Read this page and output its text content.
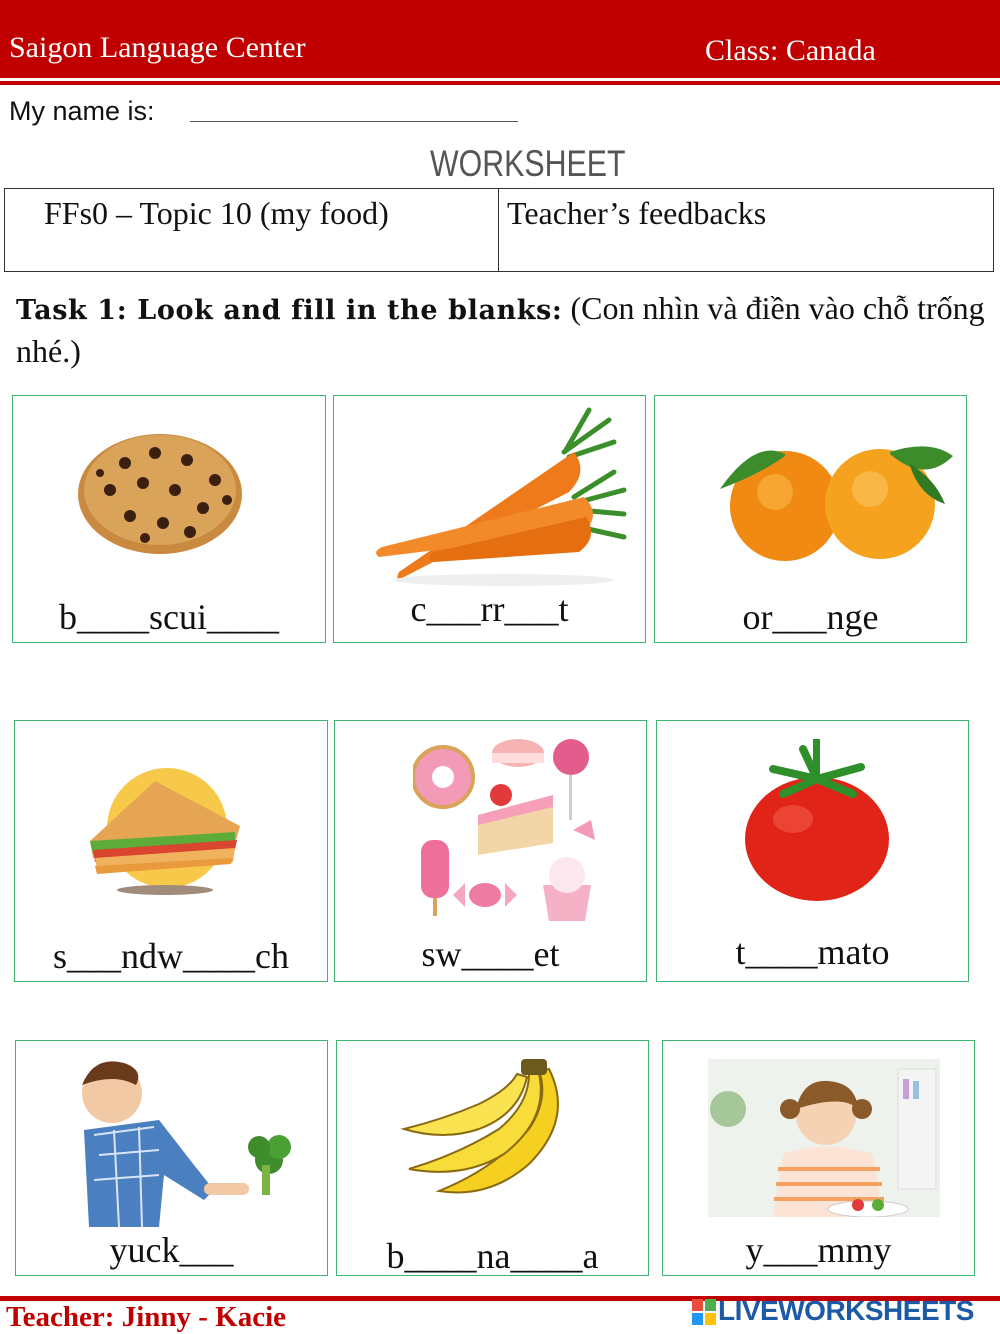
Saigon Language Center	Class: Canada
My name is:
WORKSHEET
FFs0 – Topic 10 (my food)	Teacher’s feedbacks
Task 1: Look and fill in the blanks: (Con nhìn và điền vào chỗ trống nhé.)
b____scui____	c___rr___t	or___nge
s___ndw____ch	sw____et	t____mato
yuck___	b____na____a	y___mmy
Teacher: Jinny - Kacie	LIVEWORKSHEETS
